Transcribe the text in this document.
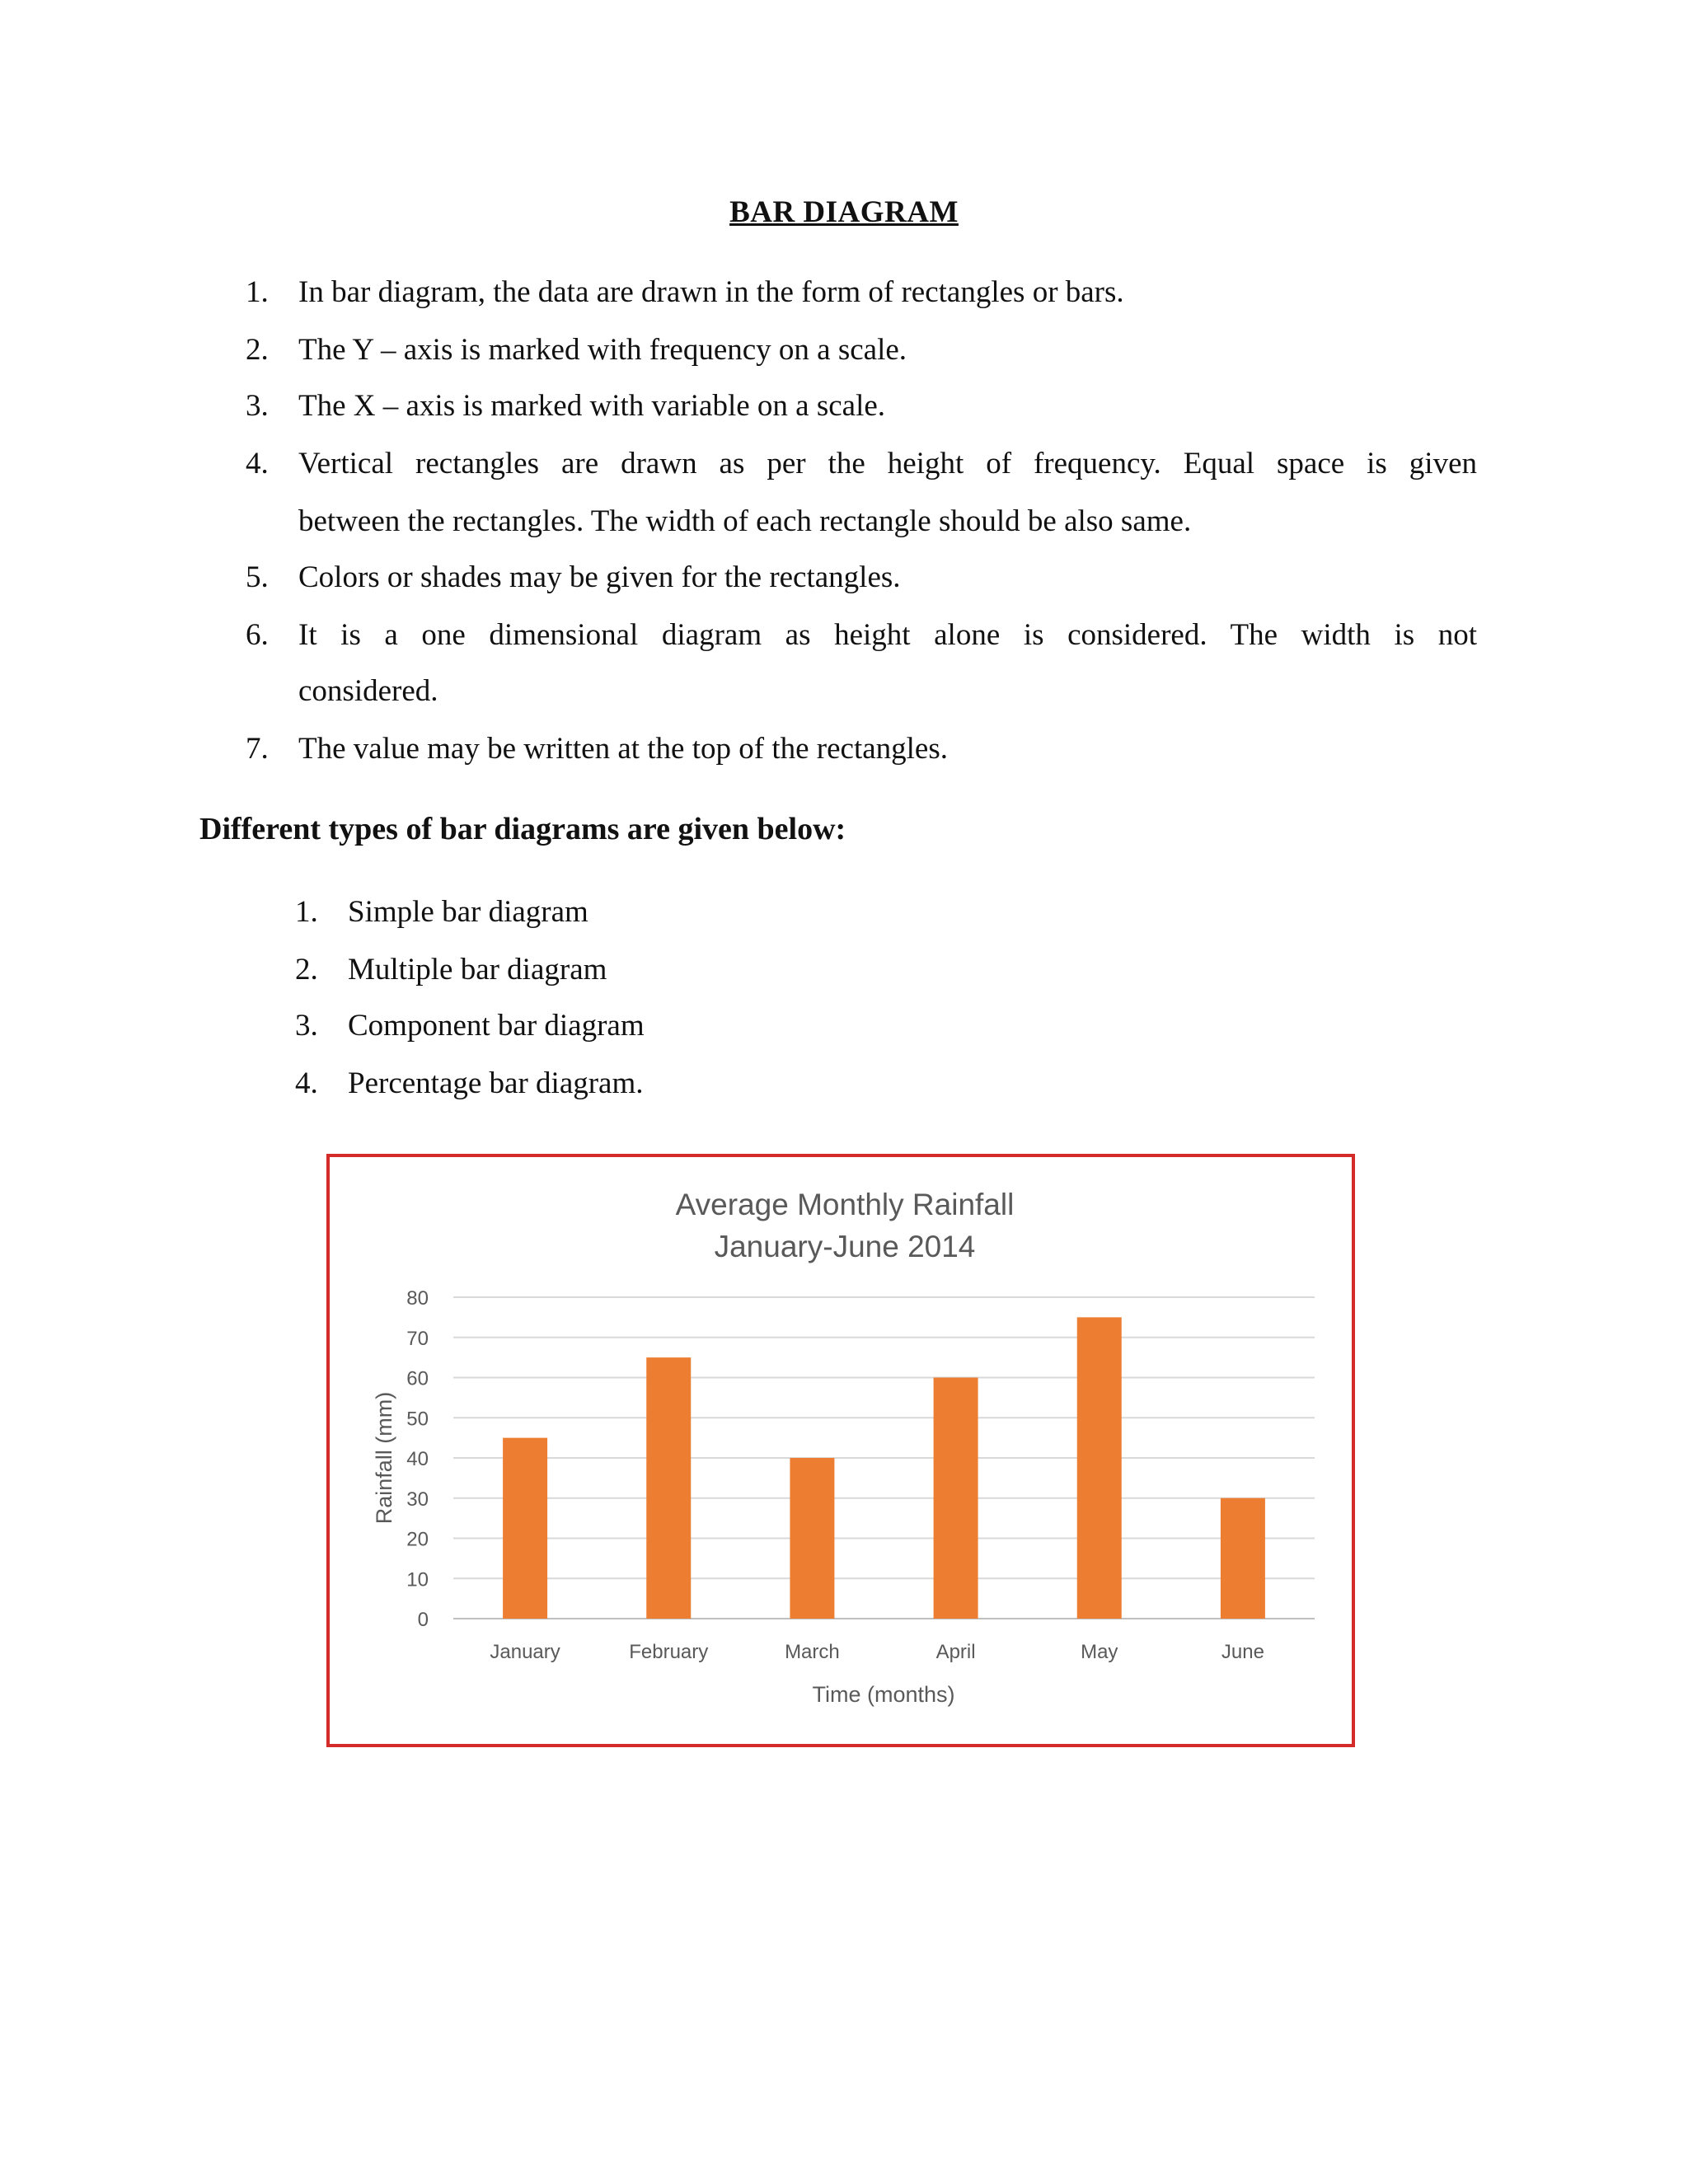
BAR DIAGRAM
1. In bar diagram, the data are drawn in the form of rectangles or bars.
2. The Y – axis is marked with frequency on a scale.
3. The X – axis is marked with variable on a scale.
4. Vertical rectangles are drawn as per the height of frequency. Equal space is given
between the rectangles. The width of each rectangle should be also same.
5. Colors or shades may be given for the rectangles.
6. It is a one dimensional diagram as height alone is considered. The width is not
considered.
7. The value may be written at the top of the rectangles.
Different types of bar diagrams are given below:
1. Simple bar diagram
2. Multiple bar diagram
3. Component bar diagram
4. Percentage bar diagram.
Average Monthly Rainfall
January-June 2014
0
10
20
30
40
50
60
70
80
January	February	March	April	May	June
Time (months)
Rainfall (mm)
